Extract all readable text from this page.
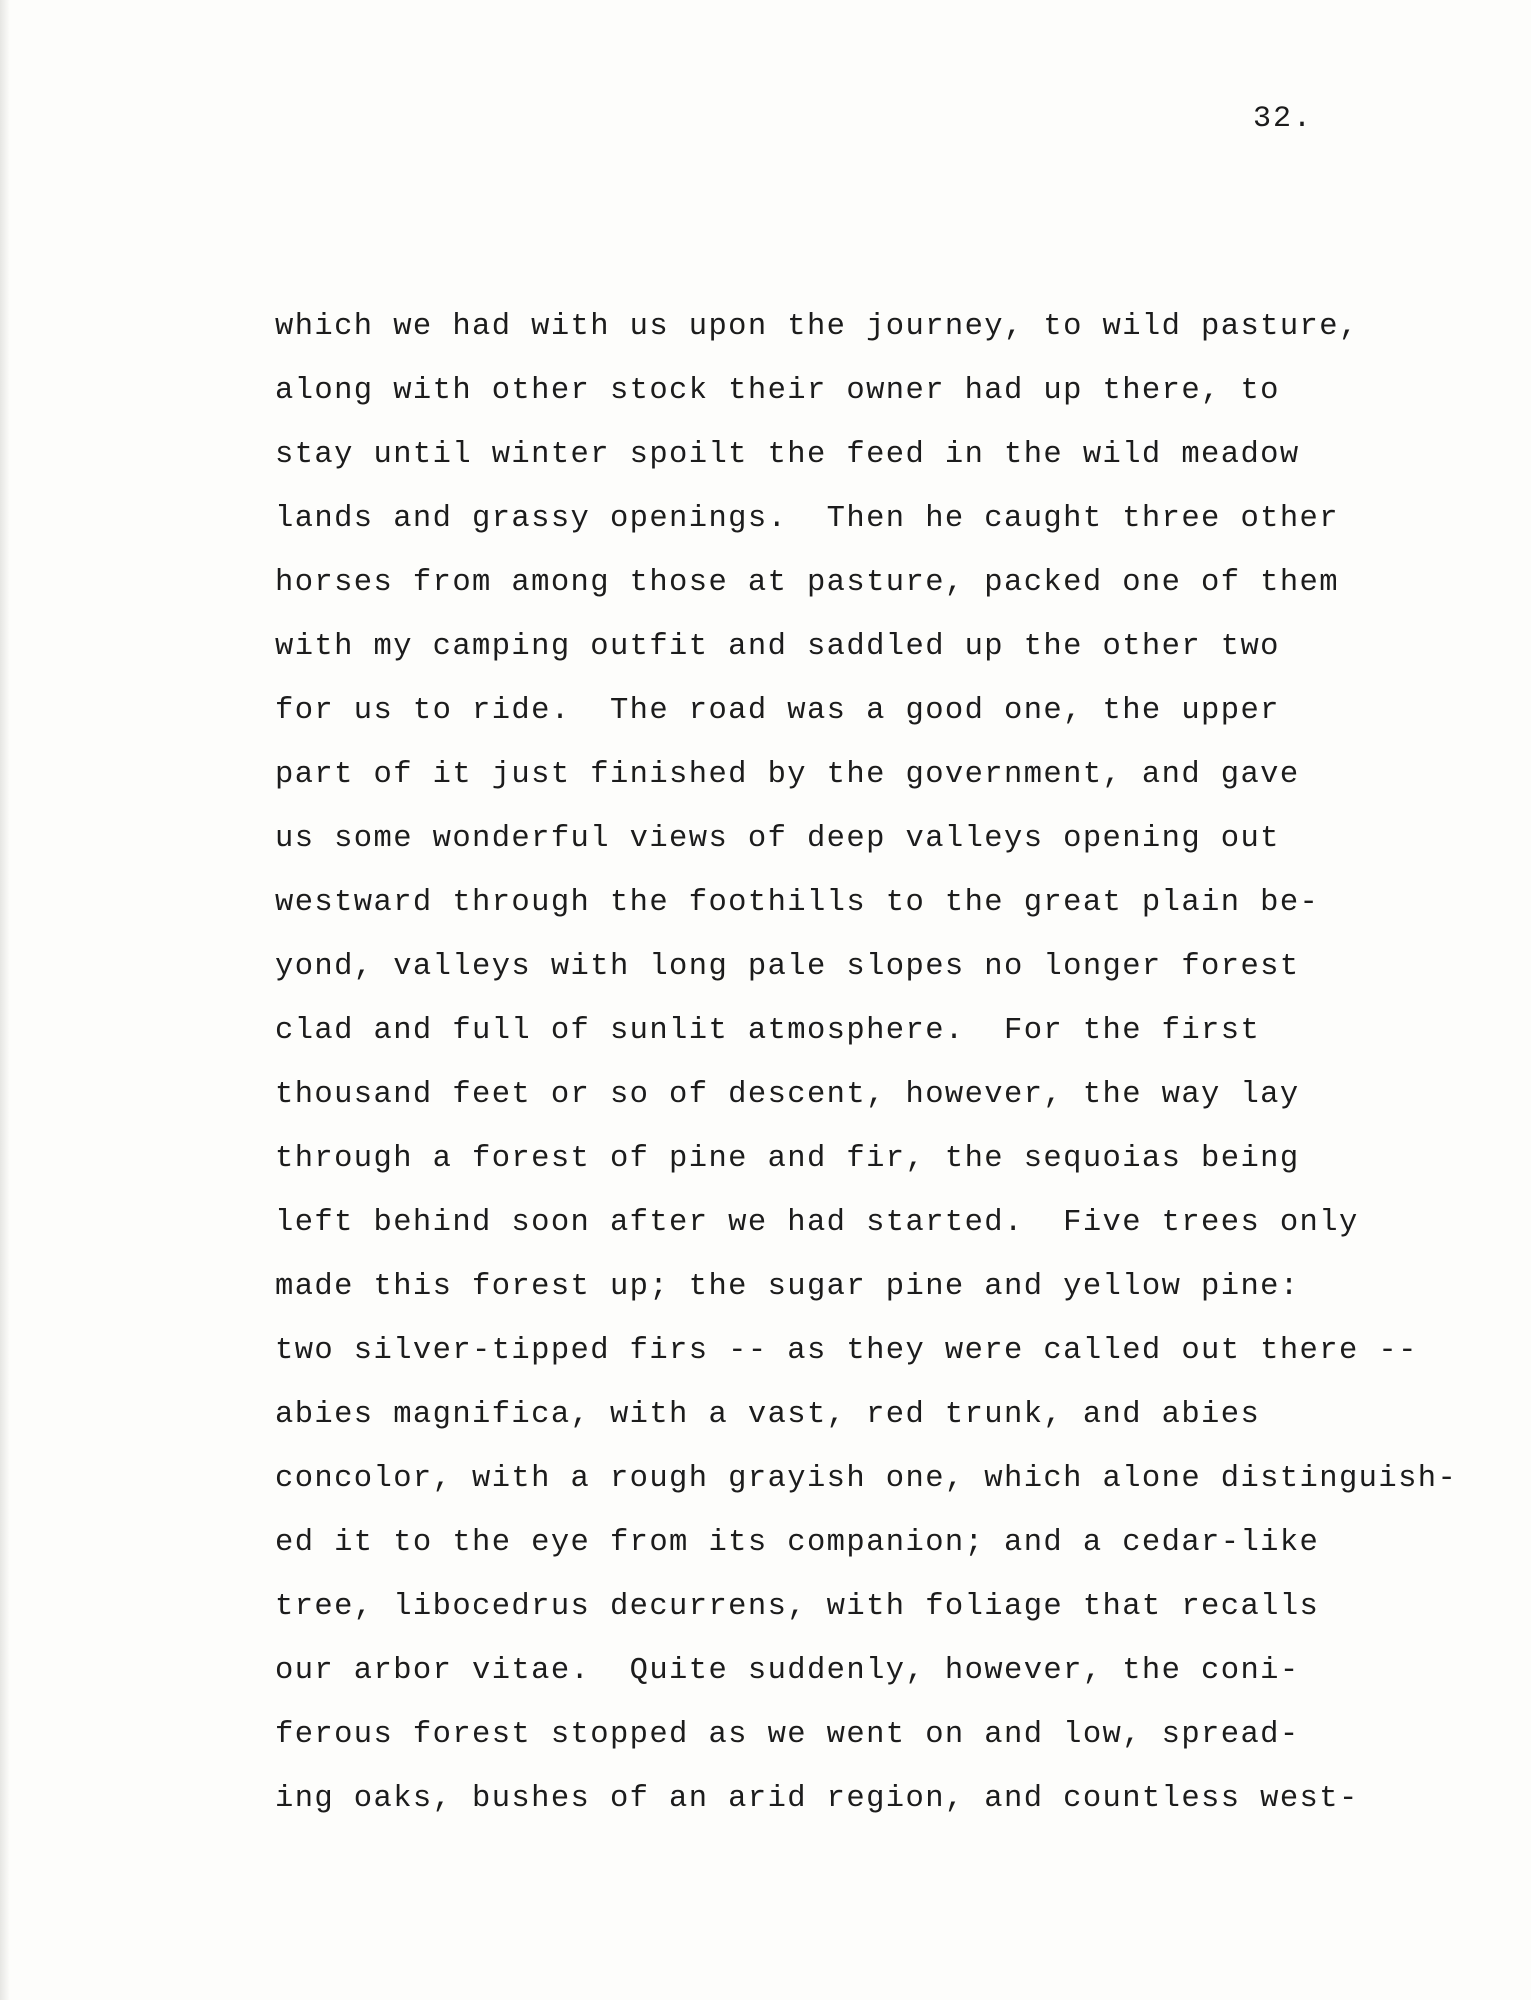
32.
which we had with us upon the journey, to wild pasture,
along with other stock their owner had up there, to
stay until winter spoilt the feed in the wild meadow
lands and grassy openings.  Then he caught three other
horses from among those at pasture, packed one of them
with my camping outfit and saddled up the other two
for us to ride.  The road was a good one, the upper
part of it just finished by the government, and gave
us some wonderful views of deep valleys opening out
westward through the foothills to the great plain be-
yond, valleys with long pale slopes no longer forest
clad and full of sunlit atmosphere.  For the first
thousand feet or so of descent, however, the way lay
through a forest of pine and fir, the sequoias being
left behind soon after we had started.  Five trees only
made this forest up; the sugar pine and yellow pine:
two silver-tipped firs -- as they were called out there --
abies magnifica, with a vast, red trunk, and abies
concolor, with a rough grayish one, which alone distinguish-
ed it to the eye from its companion; and a cedar-like
tree, libocedrus decurrens, with foliage that recalls
our arbor vitae.  Quite suddenly, however, the coni-
ferous forest stopped as we went on and low, spread-
ing oaks, bushes of an arid region, and countless west-
